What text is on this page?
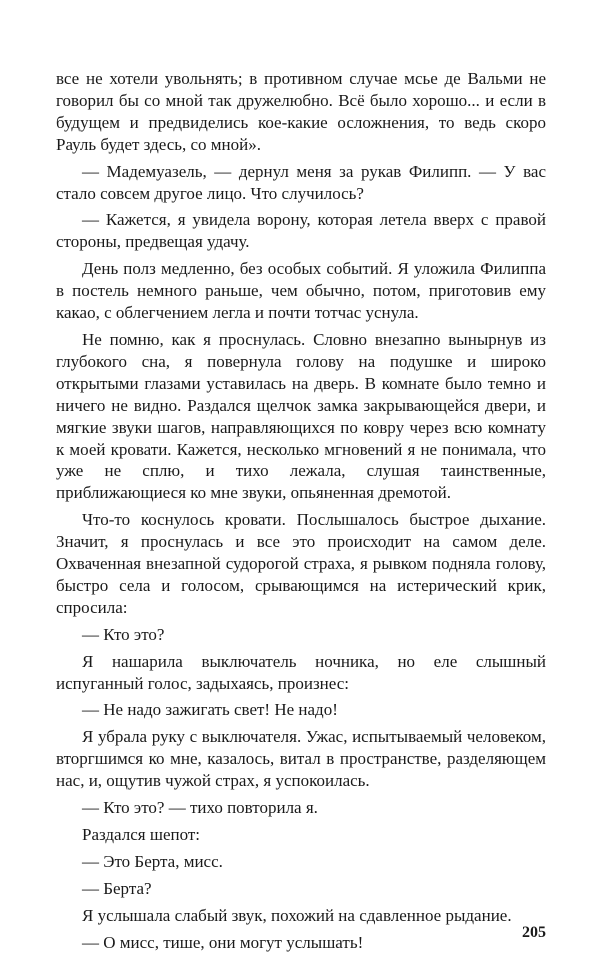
все не хотели увольнять; в противном случае мсье де Вальми не говорил бы со мной так дружелюбно. Всё было хорошо... и если в будущем и предвиделись кое-какие осложнения, то ведь скоро Рауль будет здесь, со мной».

— Мадемуазель, — дернул меня за рукав Филипп. — У вас стало совсем другое лицо. Что случилось?

— Кажется, я увидела ворону, которая летела вверх с правой стороны, предвещая удачу.

День полз медленно, без особых событий. Я уложила Филиппа в постель немного раньше, чем обычно, потом, приготовив ему какао, с облегчением легла и почти тотчас уснула.

Не помню, как я проснулась. Словно внезапно вынырнув из глубокого сна, я повернула голову на подушке и широко открытыми глазами уставилась на дверь. В комнате было темно и ничего не видно. Раздался щелчок замка закрывающейся двери, и мягкие звуки шагов, направляющихся по ковру через всю комнату к моей кровати. Кажется, несколько мгновений я не понимала, что уже не сплю, и тихо лежала, слушая таинственные, приближающиеся ко мне звуки, опьяненная дремотой.

Что-то коснулось кровати. Послышалось быстрое дыхание. Значит, я проснулась и все это происходит на самом деле. Охваченная внезапной судорогой страха, я рывком подняла голову, быстро села и голосом, срывающимся на истерический крик, спросила:

— Кто это?

Я нашарила выключатель ночника, но еле слышный испуганный голос, задыхаясь, произнес:

— Не надо зажигать свет! Не надо!

Я убрала руку с выключателя. Ужас, испытываемый человеком, вторгшимся ко мне, казалось, витал в пространстве, разделяющем нас, и, ощутив чужой страх, я успокоилась.

— Кто это? — тихо повторила я.

Раздался шепот:

— Это Берта, мисс.

— Берта?

Я услышала слабый звук, похожий на сдавленное рыдание.

— О мисс, тише, они могут услышать!

205
